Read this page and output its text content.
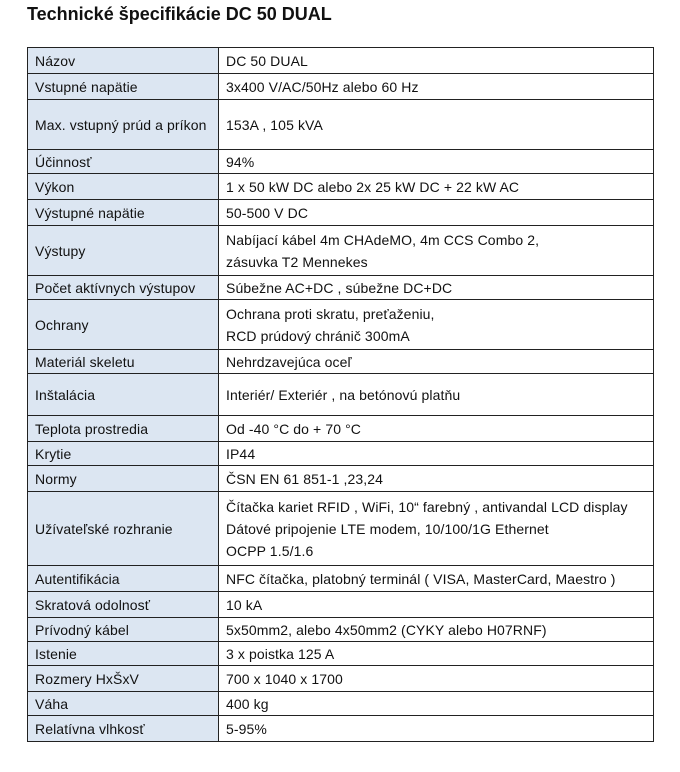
Technické špecifikácie DC 50 DUAL
Názov	DC 50 DUAL

Vstupné napätie	3x400 V/AC/50Hz alebo 60 Hz

Max. vstupný prúd a príkon	153A , 105 kVA

Účinnosť	94%

Výkon	1 x 50 kW DC alebo 2x 25 kW DC + 22 kW AC

Výstupné napätie	50-500 V DC

Výstupy	Nabíjací kábel 4m CHAdeMO, 4m CCS Combo 2,
zásuvka T2 Mennekes

Počet aktívnych výstupov	Súbežne AC+DC , súbežne DC+DC

Ochrany	Ochrana proti skratu, preťaženiu,
RCD prúdový chránič 300mA

Materiál skeletu	Nehrdzavejúca oceľ

Inštalácia	Interiér/ Exteriér , na betónovú platňu

Teplota prostredia	Od -40 °C do + 70 °C

Krytie	IP44

Normy	ČSN EN 61 851-1 ,23,24

Užívateľské rozhranie	Čítačka kariet RFID , WiFi, 10“ farebný , antivandal LCD display
Dátové pripojenie LTE modem, 10/100/1G Ethernet
OCPP 1.5/1.6

Autentifikácia	NFC čítačka, platobný terminál ( VISA, MasterCard, Maestro )

Skratová odolnosť	10 kA

Prívodný kábel	5x50mm2, alebo 4x50mm2 (CYKY alebo H07RNF)

Istenie	3 x poistka 125 A

Rozmery HxŠxV	700 x 1040 x 1700

Váha	400 kg

Relatívna vlhkosť	5-95%
